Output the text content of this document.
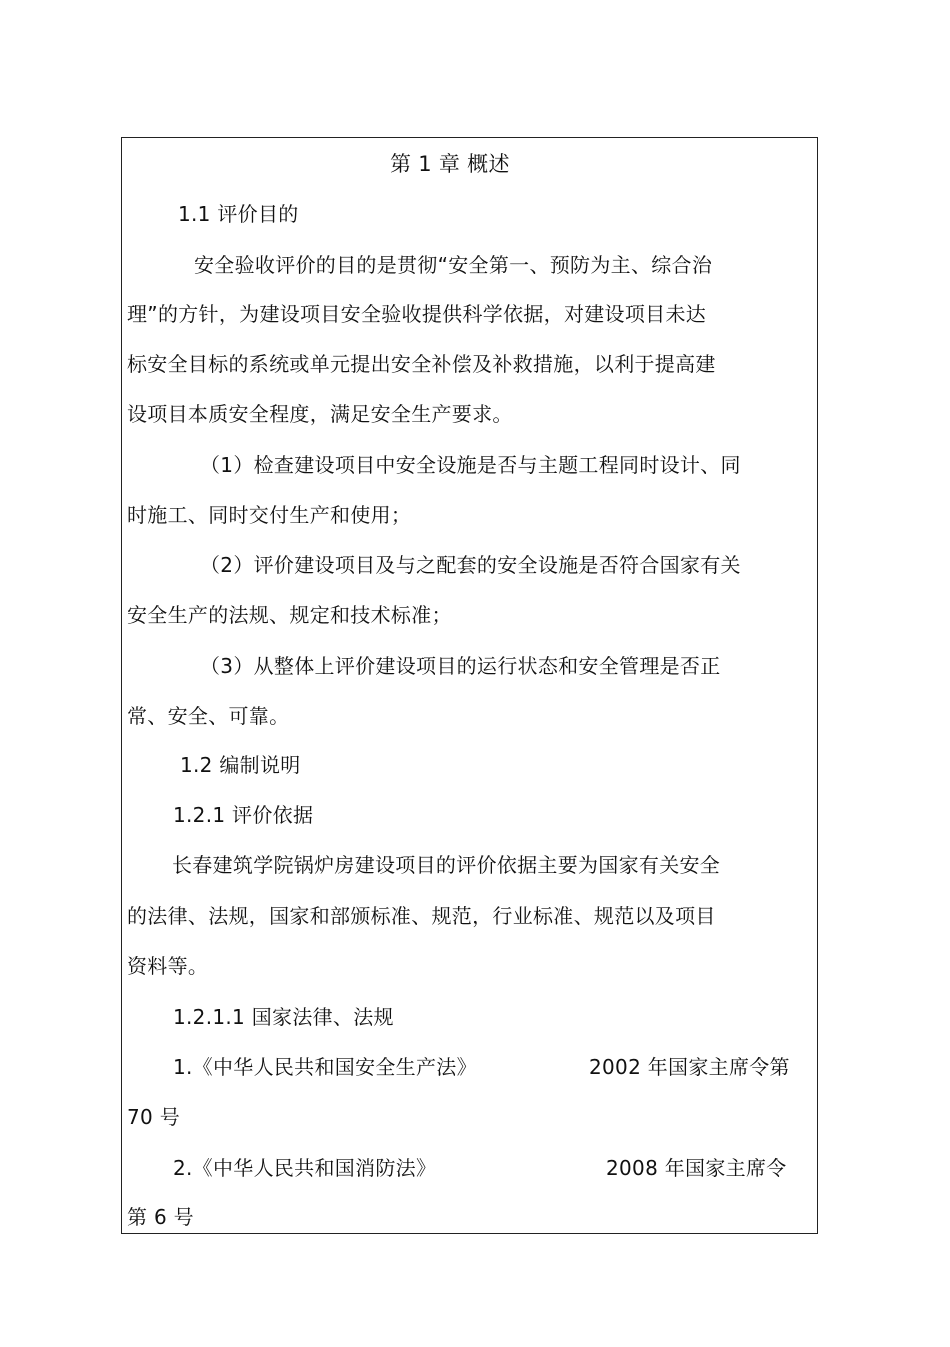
第 1 章 概述
1.1 评价目的
安全验收评价的目的是贯彻“安全第一、预防为主、综合治
理”的方针，为建设项目安全验收提供科学依据，对建设项目未达
标安全目标的系统或单元提出安全补偿及补救措施，以利于提高建
设项目本质安全程度，满足安全生产要求。
（1）检查建设项目中安全设施是否与主题工程同时设计、同
时施工、同时交付生产和使用；
（2）评价建设项目及与之配套的安全设施是否符合国家有关
安全生产的法规、规定和技术标准；
（3）从整体上评价建设项目的运行状态和安全管理是否正
常、安全、可靠。
1.2 编制说明
1.2.1 评价依据
长春建筑学院锅炉房建设项目的评价依据主要为国家有关安全
的法律、法规，国家和部颁标准、规范，行业标准、规范以及项目
资料等。
1.2.1.1 国家法律、法规
1.《中华人民共和国安全生产法》	2002 年国家主席令第
70 号
2.《中华人民共和国消防法》	2008 年国家主席令
第 6 号
